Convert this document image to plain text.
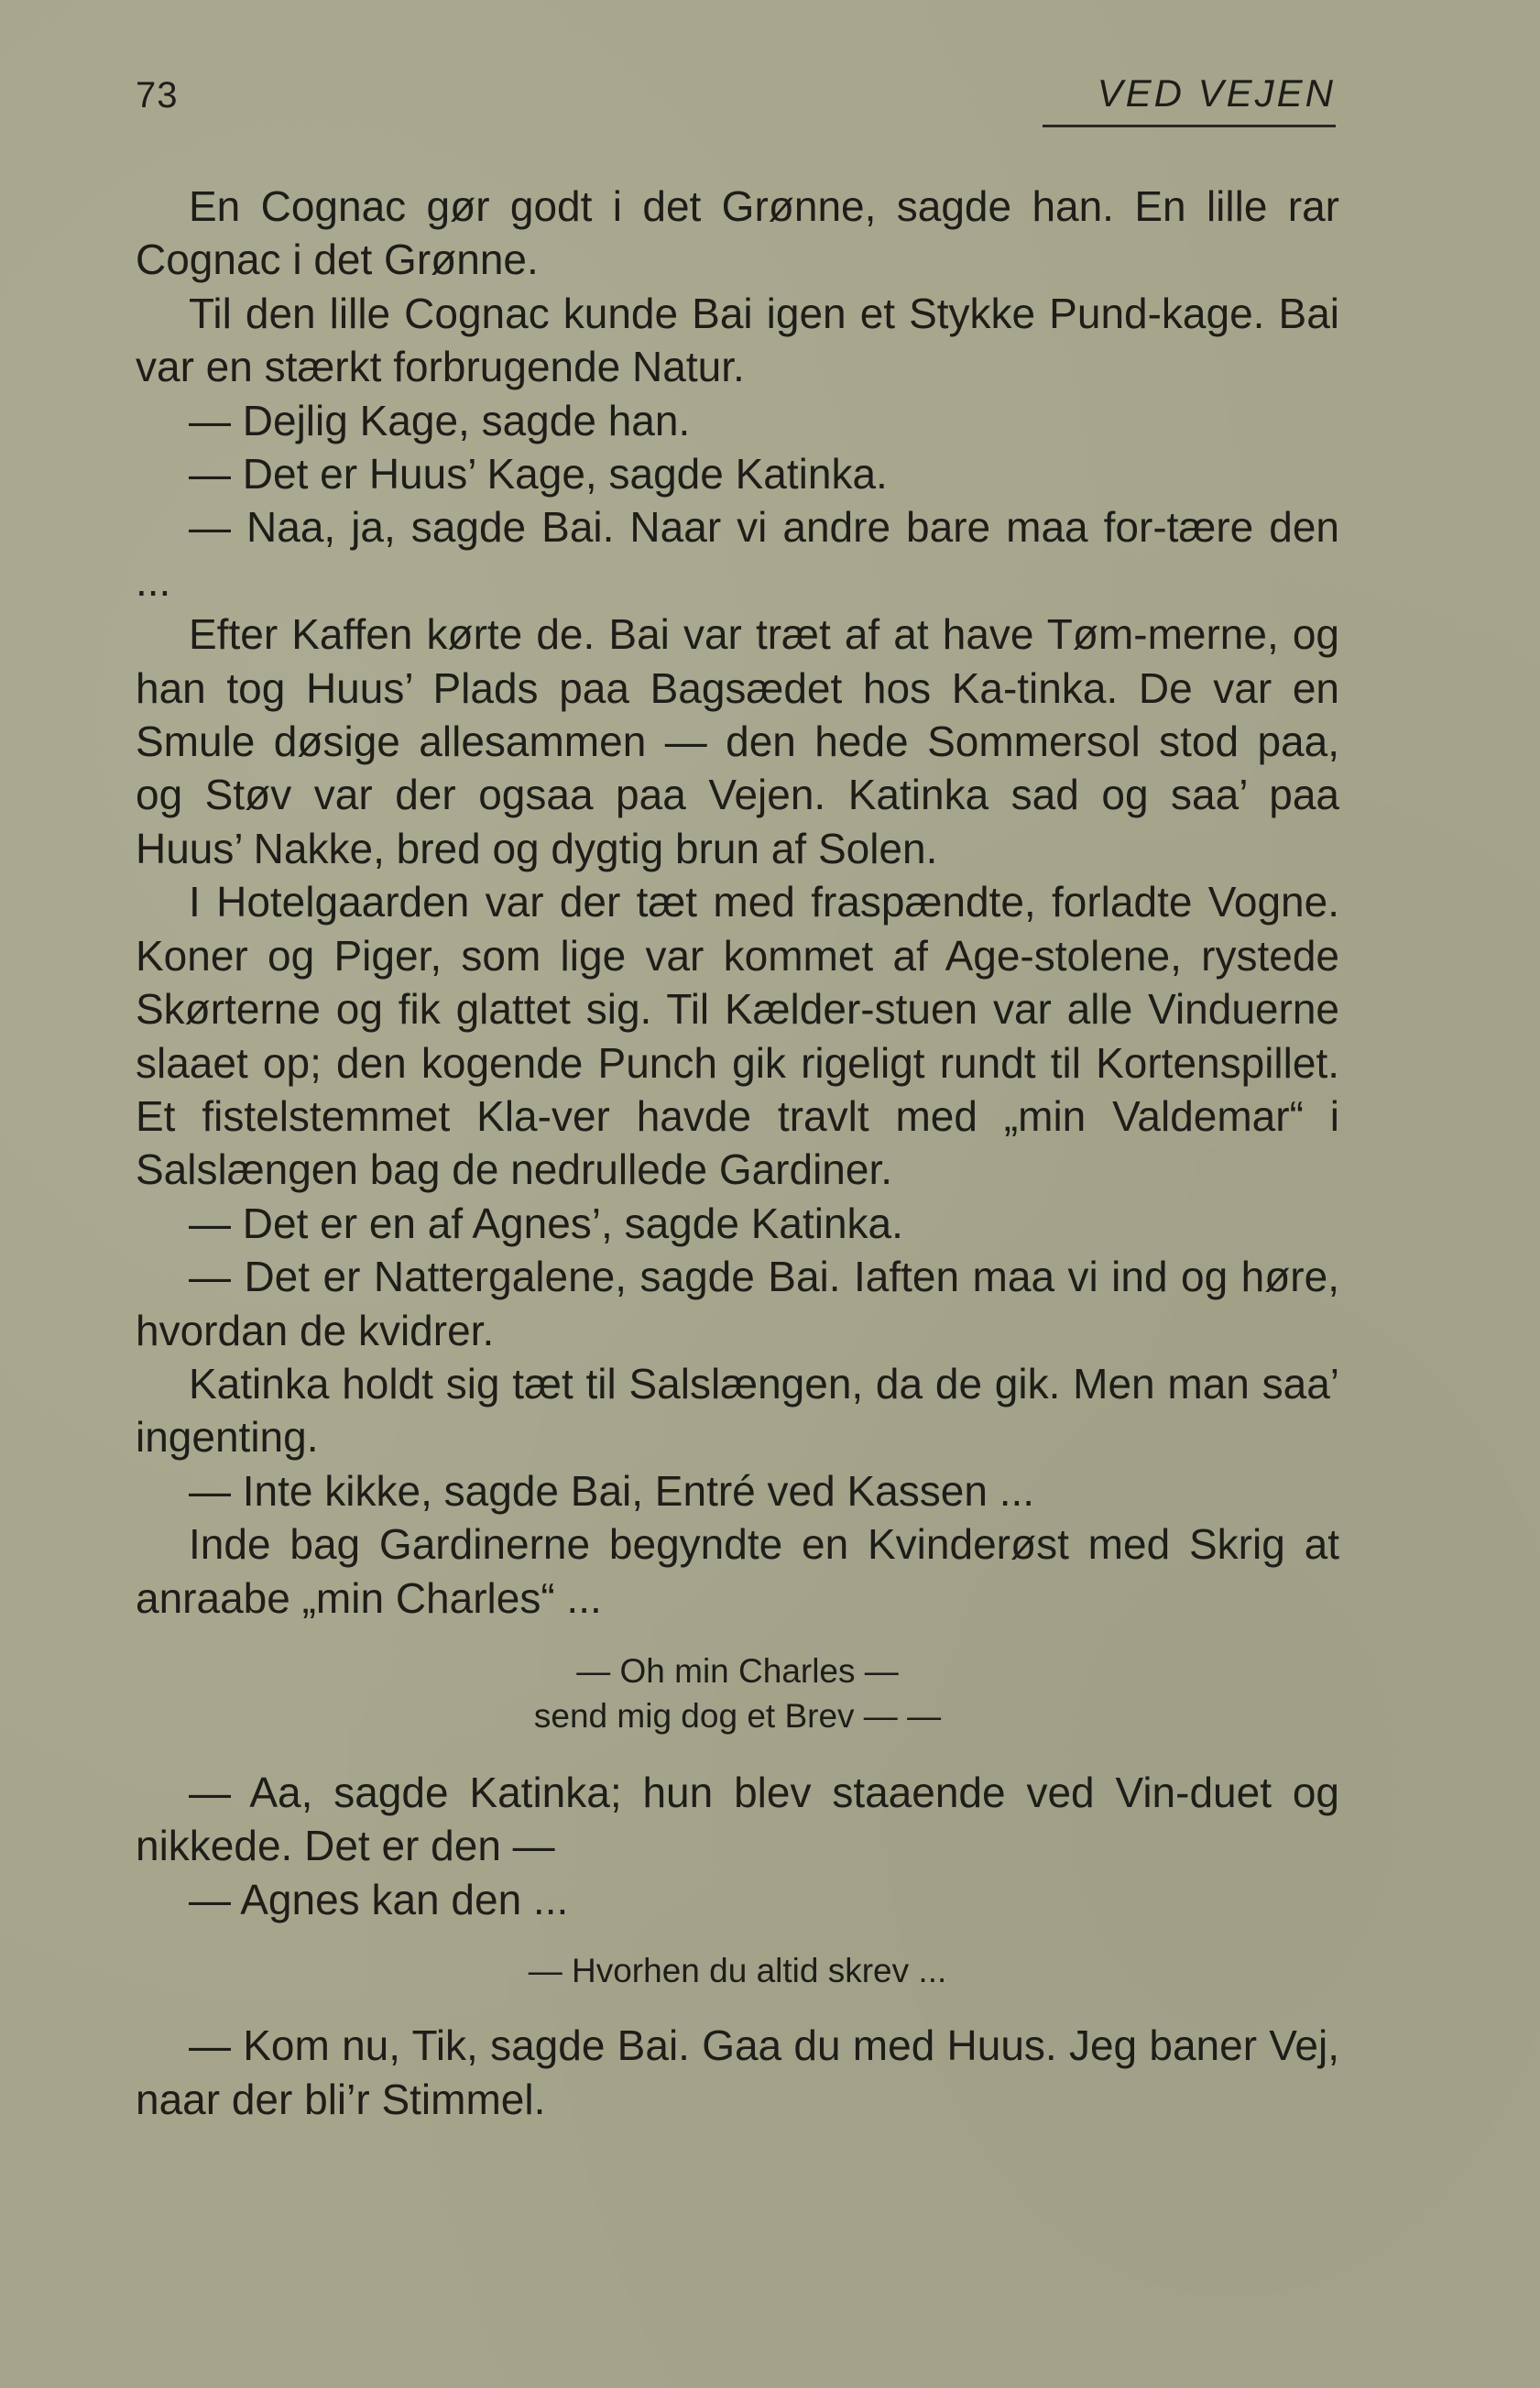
73	VED VEJEN

En Cognac gør godt i det Grønne, sagde han. En lille rar Cognac i det Grønne.

Til den lille Cognac kunde Bai igen et Stykke Pund-kage. Bai var en stærkt forbrugende Natur.

— Dejlig Kage, sagde han.

— Det er Huus’ Kage, sagde Katinka.

— Naa, ja, sagde Bai. Naar vi andre bare maa for-tære den ...

Efter Kaffen kørte de. Bai var træt af at have Tøm-merne, og han tog Huus’ Plads paa Bagsædet hos Ka-tinka. De var en Smule døsige allesammen — den hede Sommersol stod paa, og Støv var der ogsaa paa Vejen. Katinka sad og saa’ paa Huus’ Nakke, bred og dygtig brun af Solen.

I Hotelgaarden var der tæt med fraspændte, forladte Vogne. Koner og Piger, som lige var kommet af Age-stolene, rystede Skørterne og fik glattet sig. Til Kælder-stuen var alle Vinduerne slaaet op; den kogende Punch gik rigeligt rundt til Kortenspillet. Et fistelstemmet Kla-ver havde travlt med „min Valdemar“ i Salslængen bag de nedrullede Gardiner.

— Det er en af Agnes’, sagde Katinka.

— Det er Nattergalene, sagde Bai. Iaften maa vi ind og høre, hvordan de kvidrer.

Katinka holdt sig tæt til Salslængen, da de gik. Men man saa’ ingenting.

— Inte kikke, sagde Bai, Entré ved Kassen ...

Inde bag Gardinerne begyndte en Kvinderøst med Skrig at anraabe „min Charles“ ...

— Oh min Charles —
send mig dog et Brev — —

— Aa, sagde Katinka; hun blev staaende ved Vin-duet og nikkede. Det er den —

— Agnes kan den ...

— Hvorhen du altid skrev ...

— Kom nu, Tik, sagde Bai. Gaa du med Huus. Jeg baner Vej, naar der bli’r Stimmel.
